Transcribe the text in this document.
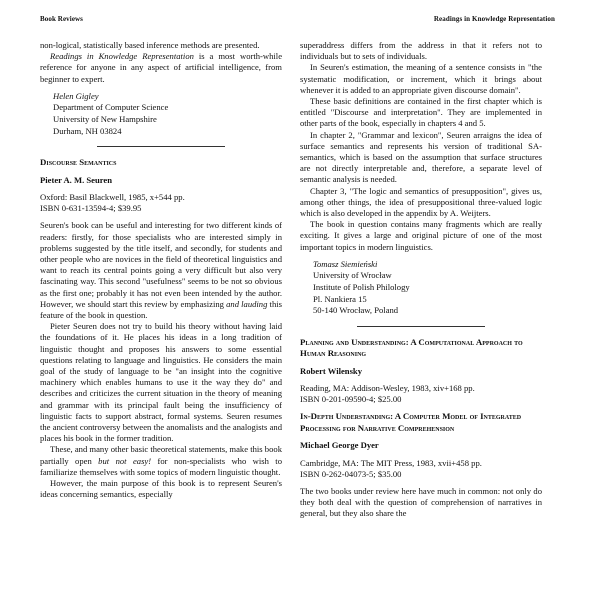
Book Reviews	Readings in Knowledge Representation

non-logical, statistically based inference methods are presented.

Readings in Knowledge Representation is a most worth-while reference for anyone in any aspect of artificial intelligence, from beginner to expert.

Helen Gigley
Department of Computer Science
University of New Hampshire
Durham, NH 03824
Discourse Semantics
Pieter A. M. Seuren
Oxford: Basil Blackwell, 1985, x+544 pp.
ISBN 0-631-13594-4; $39.95

Seuren's book can be useful and interesting for two different kinds of readers: firstly, for those specialists who are interested simply in problems suggested by the title itself, and secondly, for students and other people who are novices in the field of theoretical linguistics and want to reach its central points going a very difficult but also very fascinating way. This second "usefulness" seems to be not so obvious as the first one; probably it has not even been intended by the author. However, we should start this review by emphasizing and lauding this feature of the book in question.

Pieter Seuren does not try to build his theory without having laid the foundations of it. He places his ideas in a long tradition of linguistic thought and proposes his answers to some essential questions relating to language and linguistics. He considers the main goal of the study of language to be "an insight into the cognitive machinery which enables humans to use it the way they do" and describes and criticizes the current situation in the theory of meaning and grammar with its principal fault being the insufficiency of linguistic facts to support abstract, formal systems. Seuren resumes the ancient controversy between the anomalists and the analogists and places his book in the former tradition.

These, and many other basic theoretical statements, make this book partially open but not easy! for non-specialists who wish to familiarize themselves with some topics of modern linguistic thought.

However, the main purpose of this book is to represent Seuren's ideas concerning semantics, especially

superaddress differs from the address in that it refers not to individuals but to sets of individuals.

In Seuren's estimation, the meaning of a sentence consists in "the systematic modification, or increment, which it brings about whenever it is added to an appropriate given discourse domain".

These basic definitions are contained in the first chapter which is entitled "Discourse and interpretation". They are implemented in other parts of the book, especially in chapters 4 and 5.

In chapter 2, "Grammar and lexicon", Seuren arraigns the idea of surface semantics and represents his version of traditional SA-semantics, which is based on the assumption that surface structures are not directly interpretable and, therefore, a separate level of semantic analysis is needed.

Chapter 3, "The logic and semantics of presupposition", gives us, among other things, the idea of presuppositional three-valued logic which is also developed in the appendix by A. Weijters.

The book in question contains many fragments which are really exciting. It gives a large and original picture of one of the most important topics in modern linguistics.

Tomasz Siemieński
University of Wrocław
Institute of Polish Philology
Pl. Nankiera 15
50-140 Wrocław, Poland
Planning and Understanding: A Computational Approach to Human Reasoning
Robert Wilensky
Reading, MA: Addison-Wesley, 1983, xiv+168 pp.
ISBN 0-201-09590-4; $25.00
In-Depth Understanding: A Computer Model of Integrated Processing for Narrative Comprehension
Michael George Dyer
Cambridge, MA: The MIT Press, 1983, xvii+458 pp.
ISBN 0-262-04073-5; $35.00

The two books under review here have much in common: not only do they both deal with the question of comprehension of narratives in general, but they also share the
